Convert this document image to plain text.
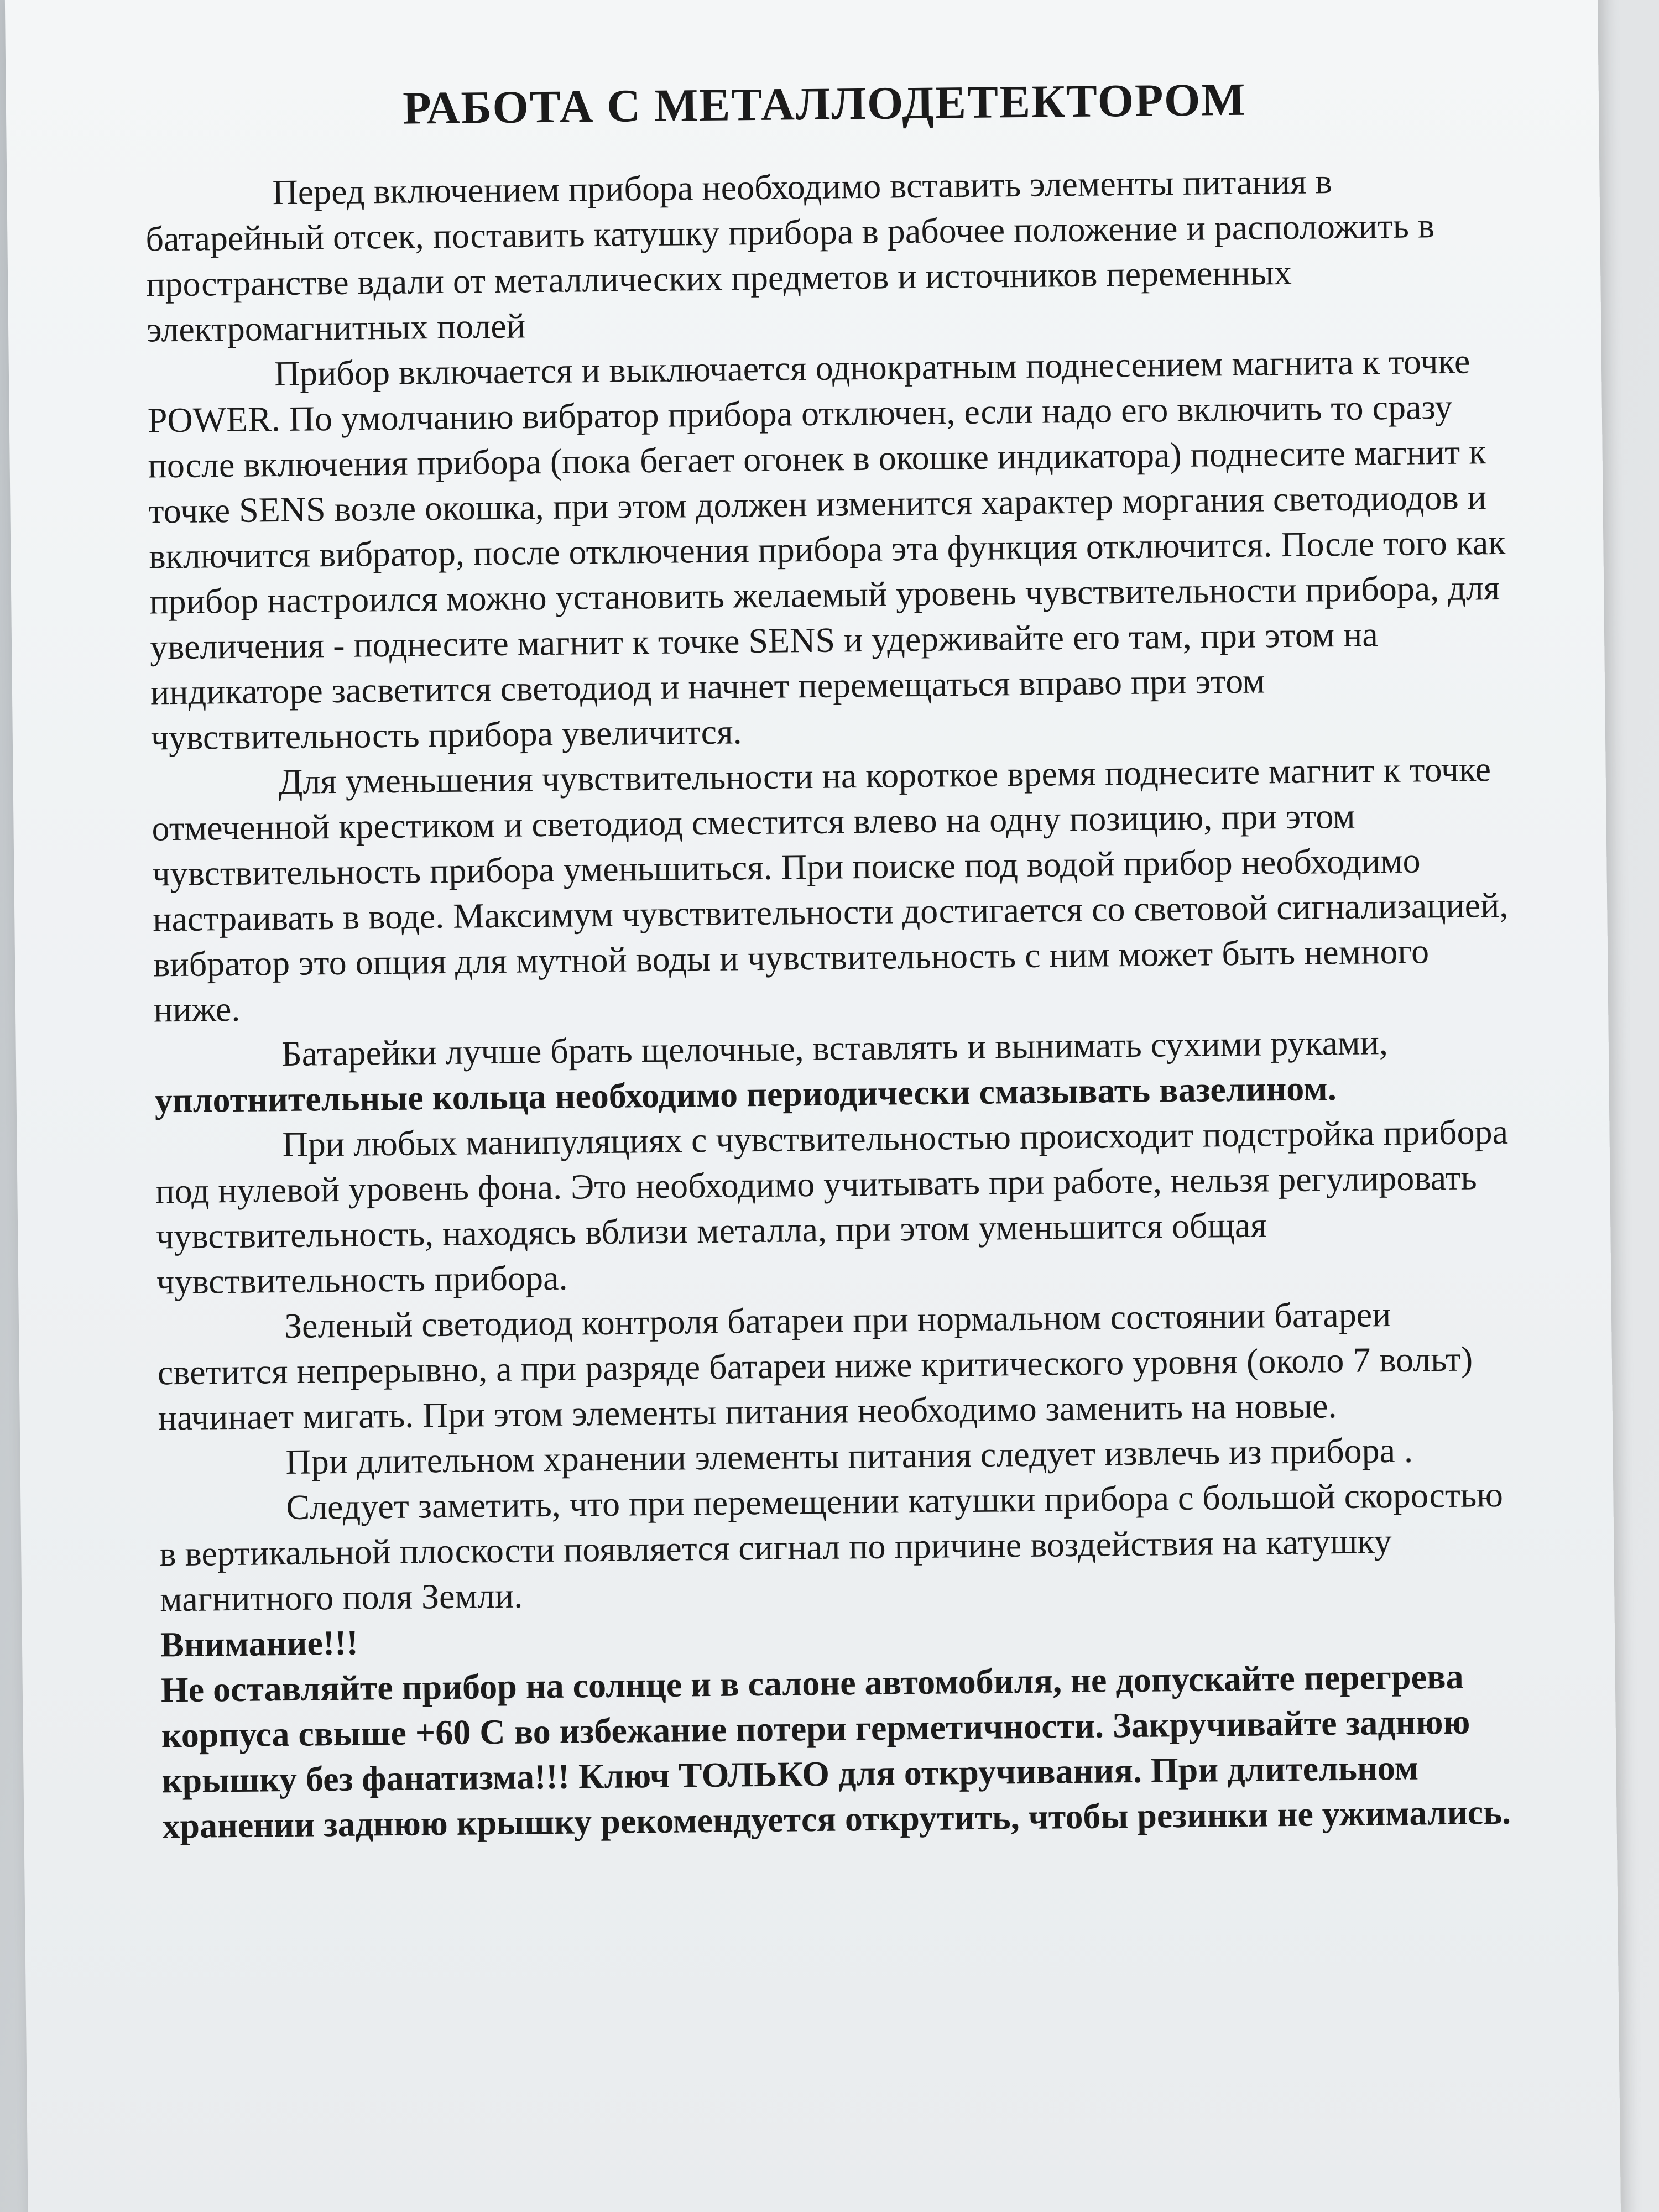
РАБОТА С МЕТАЛЛОДЕТЕКТОРОМ

Перед включением прибора необходимо вставить элементы питания в батарейный отсек, поставить катушку прибора в рабочее положение и расположить в пространстве вдали от металлических предметов и источников переменных электромагнитных полей

Прибор включается и выключается однократным поднесением магнита к точке POWER. По умолчанию вибратор прибора отключен, если надо его включить то сразу после включения прибора (пока бегает огонек в окошке индикатора) поднесите магнит к точке SENS возле окошка, при этом должен изменится характер моргания светодиодов и включится вибратор, после отключения прибора эта функция отключится. После того как прибор настроился можно установить желаемый уровень чувствительности прибора, для увеличения - поднесите магнит к точке SENS и удерживайте его там, при этом на индикаторе засветится светодиод и начнет перемещаться вправо при этом чувствительность прибора увеличится.

Для уменьшения чувствительности на короткое время поднесите магнит к точке отмеченной крестиком и светодиод сместится влево на одну позицию, при этом чувствительность прибора уменьшиться. При поиске под водой прибор необходимо настраивать в воде. Максимум чувствительности достигается со световой сигнализацией, вибратор это опция для мутной воды и чувствительность с ним может быть немного ниже.

Батарейки лучше брать щелочные, вставлять и вынимать сухими руками, уплотнительные кольца необходимо периодически смазывать вазелином.

При любых манипуляциях с чувствительностью происходит подстройка прибора под нулевой уровень фона. Это необходимо учитывать при работе, нельзя регулировать чувствительность, находясь вблизи металла, при этом уменьшится общая чувствительность прибора.

Зеленый светодиод контроля батареи при нормальном состоянии батареи светится непрерывно, а при разряде батареи ниже критического уровня (около 7 вольт) начинает мигать. При этом элементы питания необходимо заменить на новые.

При длительном хранении элементы питания следует извлечь из прибора .

Следует заметить, что при перемещении катушки прибора с большой скоростью в вертикальной плоскости появляется сигнал по причине воздействия на катушку магнитного поля Земли.

Внимание!!!

Не оставляйте прибор на солнце и в салоне автомобиля, не допускайте перегрева корпуса свыше +60 С во избежание потери герметичности. Закручивайте заднюю крышку без фанатизма!!! Ключ ТОЛЬКО для откручивания. При длительном хранении заднюю крышку рекомендуется открутить, чтобы резинки не ужимались.
